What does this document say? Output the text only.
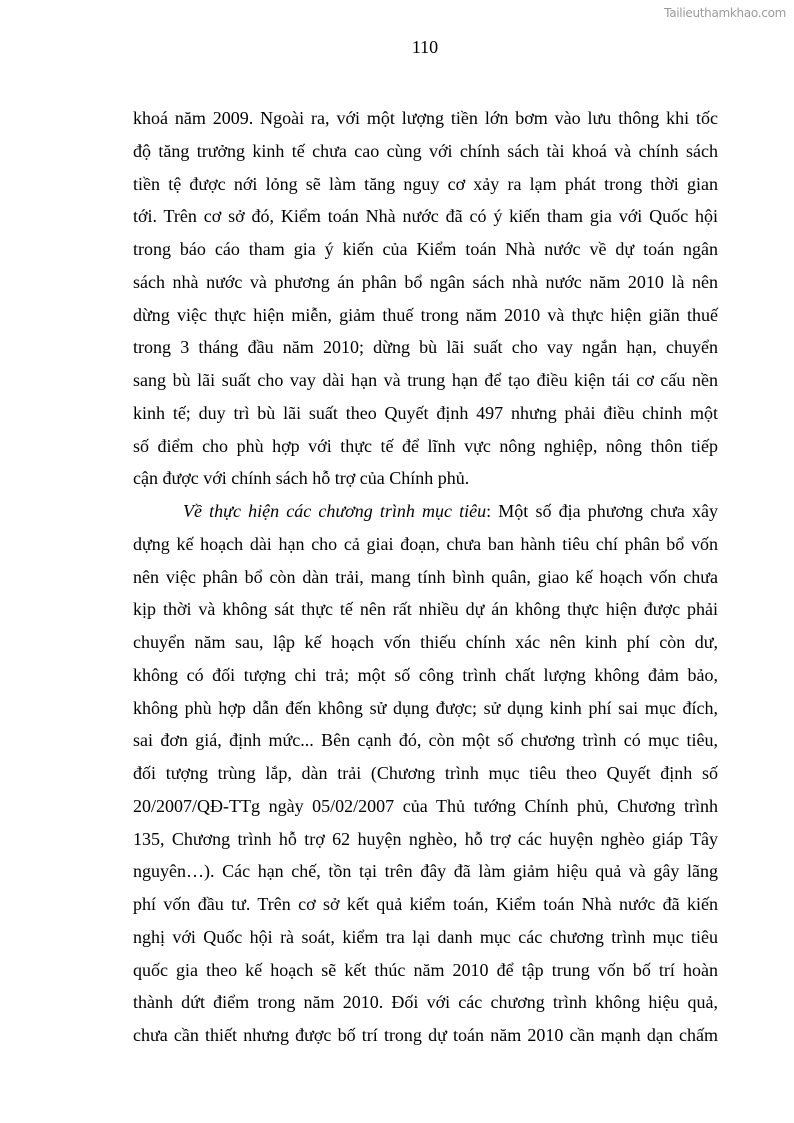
Tailieuthamkhao.com
110
khoá năm 2009. Ngoài ra, với một lượng tiền lớn bơm vào lưu thông khi tốc
độ tăng trưởng kinh tế chưa cao cùng với chính sách tài khoá và chính sách
tiền tệ được nới lỏng sẽ làm tăng nguy cơ xảy ra lạm phát trong thời gian
tới. Trên cơ sở đó, Kiểm toán Nhà nước đã có ý kiến tham gia với Quốc hội
trong báo cáo tham gia ý kiến của Kiểm toán Nhà nước về dự toán ngân
sách nhà nước và phương án phân bổ ngân sách nhà nước năm 2010 là nên
dừng việc thực hiện miễn, giảm thuế trong năm 2010 và thực hiện giãn thuế
trong 3 tháng đầu năm 2010; dừng bù lãi suất cho vay ngắn hạn, chuyển
sang bù lãi suất cho vay dài hạn và trung hạn để tạo điều kiện tái cơ cấu nền
kinh tế; duy trì bù lãi suất theo Quyết định 497 nhưng phải điều chỉnh một
số điểm cho phù hợp với thực tế để lĩnh vực nông nghiệp, nông thôn tiếp
cận được với chính sách hỗ trợ của Chính phủ.
Về thực hiện các chương trình mục tiêu: Một số địa phương chưa xây
dựng kế hoạch dài hạn cho cả giai đoạn, chưa ban hành tiêu chí phân bổ vốn
nên việc phân bổ còn dàn trải, mang tính bình quân, giao kế hoạch vốn chưa
kịp thời và không sát thực tế nên rất nhiều dự án không thực hiện được phải
chuyển năm sau, lập kế hoạch vốn thiếu chính xác nên kinh phí còn dư,
không có đối tượng chi trả; một số công trình chất lượng không đảm bảo,
không phù hợp dẫn đến không sử dụng được; sử dụng kinh phí sai mục đích,
sai đơn giá, định mức... Bên cạnh đó, còn một số chương trình có mục tiêu,
đối tượng trùng lắp, dàn trải (Chương trình mục tiêu theo Quyết định số
20/2007/QĐ-TTg ngày 05/02/2007 của Thủ tướng Chính phủ, Chương trình
135, Chương trình hỗ trợ 62 huyện nghèo, hỗ trợ các huyện nghèo giáp Tây
nguyên…). Các hạn chế, tồn tại trên đây đã làm giảm hiệu quả và gây lãng
phí vốn đầu tư. Trên cơ sở kết quả kiểm toán, Kiểm toán Nhà nước đã kiến
nghị với Quốc hội rà soát, kiểm tra lại danh mục các chương trình mục tiêu
quốc gia theo kế hoạch sẽ kết thúc năm 2010 để tập trung vốn bố trí hoàn
thành dứt điểm trong năm 2010. Đối với các chương trình không hiệu quả,
chưa cần thiết nhưng được bố trí trong dự toán năm 2010 cần mạnh dạn chấm
